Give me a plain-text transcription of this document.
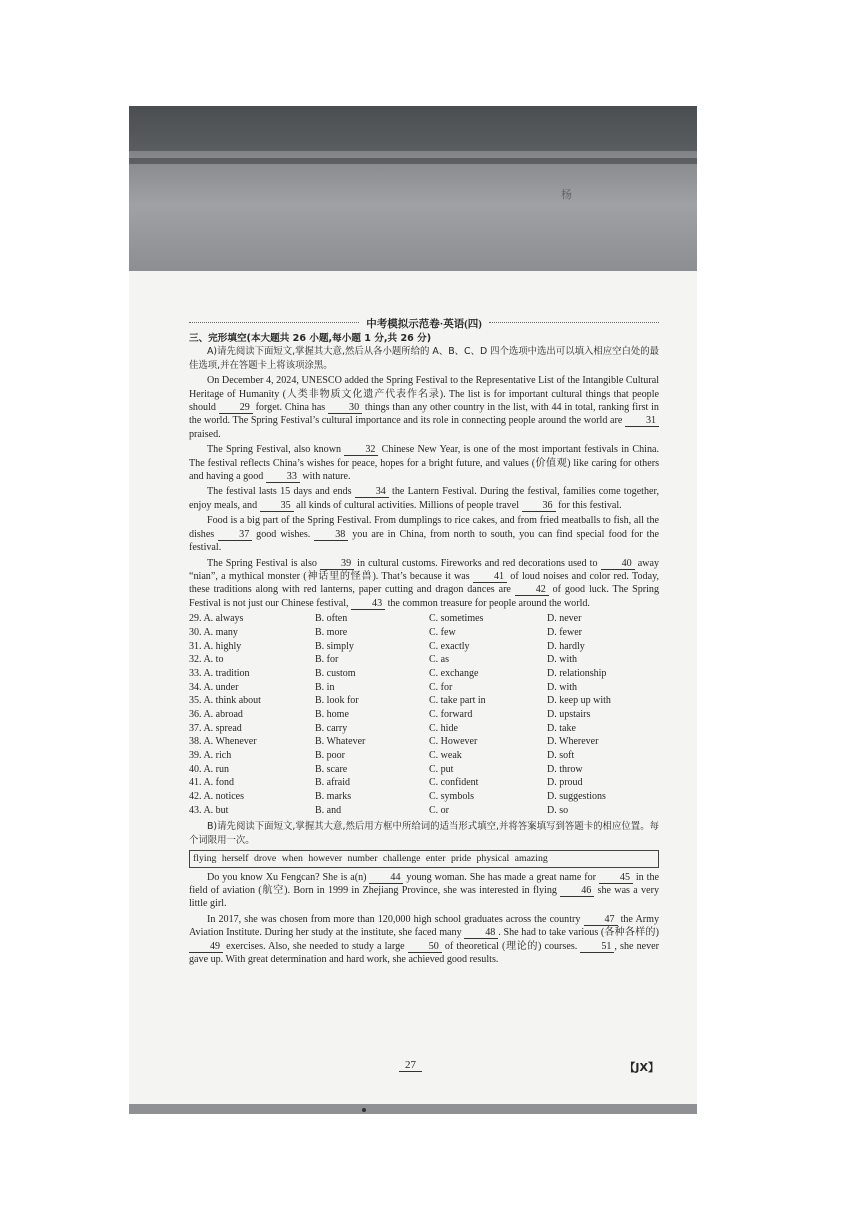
杨
中考模拟示范卷·英语(四)

三、完形填空(本大题共 26 小题,每小题 1 分,共 26 分)

A)请先阅读下面短文,掌握其大意,然后从各小题所给的 A、B、C、D 四个选项中选出可以填入相应空白处的最佳选项,并在答题卡上将该项涂黑。

On December 4, 2024, UNESCO added the Spring Festival to the Representative List of the Intangible Cultural Heritage of Humanity (人类非物质文化遗产代表作名录). The list is for important cultural things that people should 29 forget. China has 30 things than any other country in the list, with 44 in total, ranking first in the world. The Spring Festival’s cultural importance and its role in connecting people around the world are 31 praised.

The Spring Festival, also known 32 Chinese New Year, is one of the most important festivals in China. The festival reflects China’s wishes for peace, hopes for a bright future, and values (价值观) like caring for others and having a good 33 with nature.

The festival lasts 15 days and ends 34 the Lantern Festival. During the festival, families come together, enjoy meals, and 35 all kinds of cultural activities. Millions of people travel 36 for this festival.

Food is a big part of the Spring Festival. From dumplings to rice cakes, and from fried meatballs to fish, all the dishes 37 good wishes. 38 you are in China, from north to south, you can find special food for the festival.

The Spring Festival is also 39 in cultural customs. Fireworks and red decorations used to 40 away “nian”, a mythical monster (神话里的怪兽). That’s because it was 41 of loud noises and color red. Today, these traditions along with red lanterns, paper cutting and dragon dances are 42 of good luck. The Spring Festival is not just our Chinese festival, 43 the common treasure for people around the world.

29. A. always	B. often	C. sometimes	D. never
30. A. many	B. more	C. few	D. fewer
31. A. highly	B. simply	C. exactly	D. hardly
32. A. to	B. for	C. as	D. with
33. A. tradition	B. custom	C. exchange	D. relationship
34. A. under	B. in	C. for	D. with
35. A. think about	B. look for	C. take part in	D. keep up with
36. A. abroad	B. home	C. forward	D. upstairs
37. A. spread	B. carry	C. hide	D. take
38. A. Whenever	B. Whatever	C. However	D. Wherever
39. A. rich	B. poor	C. weak	D. soft
40. A. run	B. scare	C. put	D. throw
41. A. fond	B. afraid	C. confident	D. proud
42. A. notices	B. marks	C. symbols	D. suggestions
43. A. but	B. and	C. or	D. so

B)请先阅读下面短文,掌握其大意,然后用方框中所给词的适当形式填空,并将答案填写到答题卡的相应位置。每个词限用一次。

flying herself drove when however number challenge enter pride physical amazing

Do you know Xu Fengcan? She is a(n) 44 young woman. She has made a great name for 45 in the field of aviation (航空). Born in 1999 in Zhejiang Province, she was interested in flying 46 she was a very little girl.

In 2017, she was chosen from more than 120,000 high school graduates across the country 47 the Army Aviation Institute. During her study at the institute, she faced many 48 . She had to take various (各种各样的) 49 exercises. Also, she needed to study a large 50 of theoretical (理论的) courses. 51 , she never gave up. With great determination and hard work, she achieved good results.

27	【JX】
